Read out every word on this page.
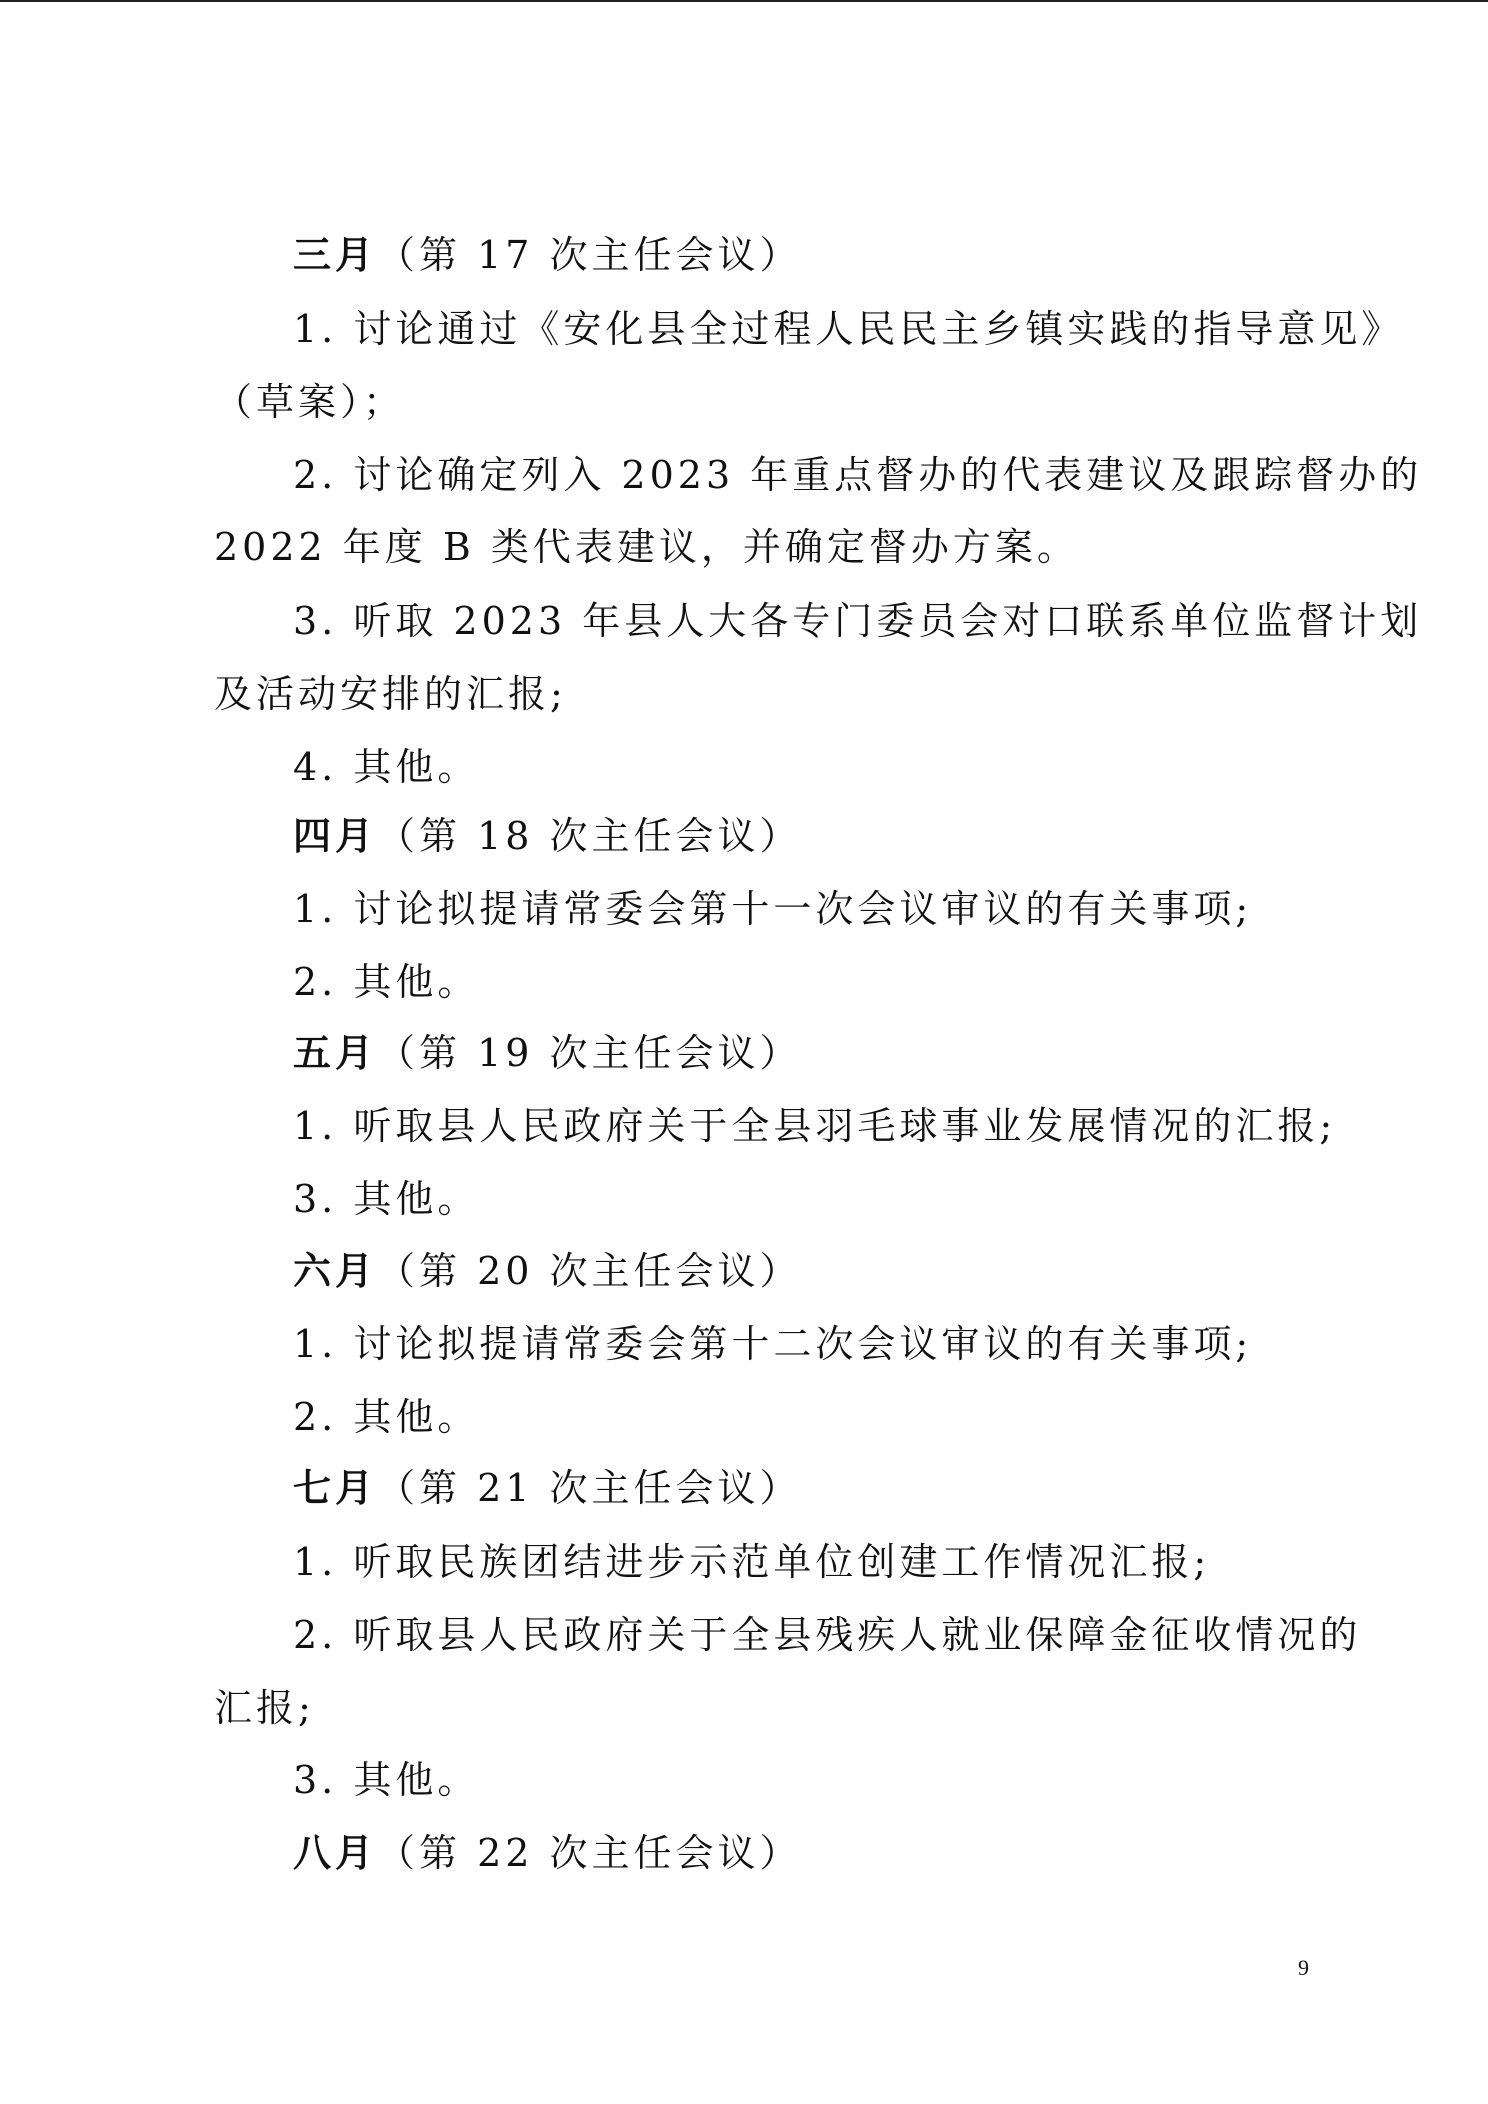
三月（第 17 次主任会议）
1. 讨论通过《安化县全过程人民民主乡镇实践的指导意见》
（草案）；
2. 讨论确定列入 2023 年重点督办的代表建议及跟踪督办的
2022 年度 B 类代表建议，并确定督办方案。
3. 听取 2023 年县人大各专门委员会对口联系单位监督计划
及活动安排的汇报;
4. 其他。
四月（第 18 次主任会议）
1. 讨论拟提请常委会第十一次会议审议的有关事项;
2. 其他。
五月（第 19 次主任会议）
1. 听取县人民政府关于全县羽毛球事业发展情况的汇报;
3. 其他。
六月（第 20 次主任会议）
1. 讨论拟提请常委会第十二次会议审议的有关事项;
2. 其他。
七月（第 21 次主任会议）
1. 听取民族团结进步示范单位创建工作情况汇报;
2. 听取县人民政府关于全县残疾人就业保障金征收情况的
汇报;
3. 其他。
八月（第 22 次主任会议）
9
